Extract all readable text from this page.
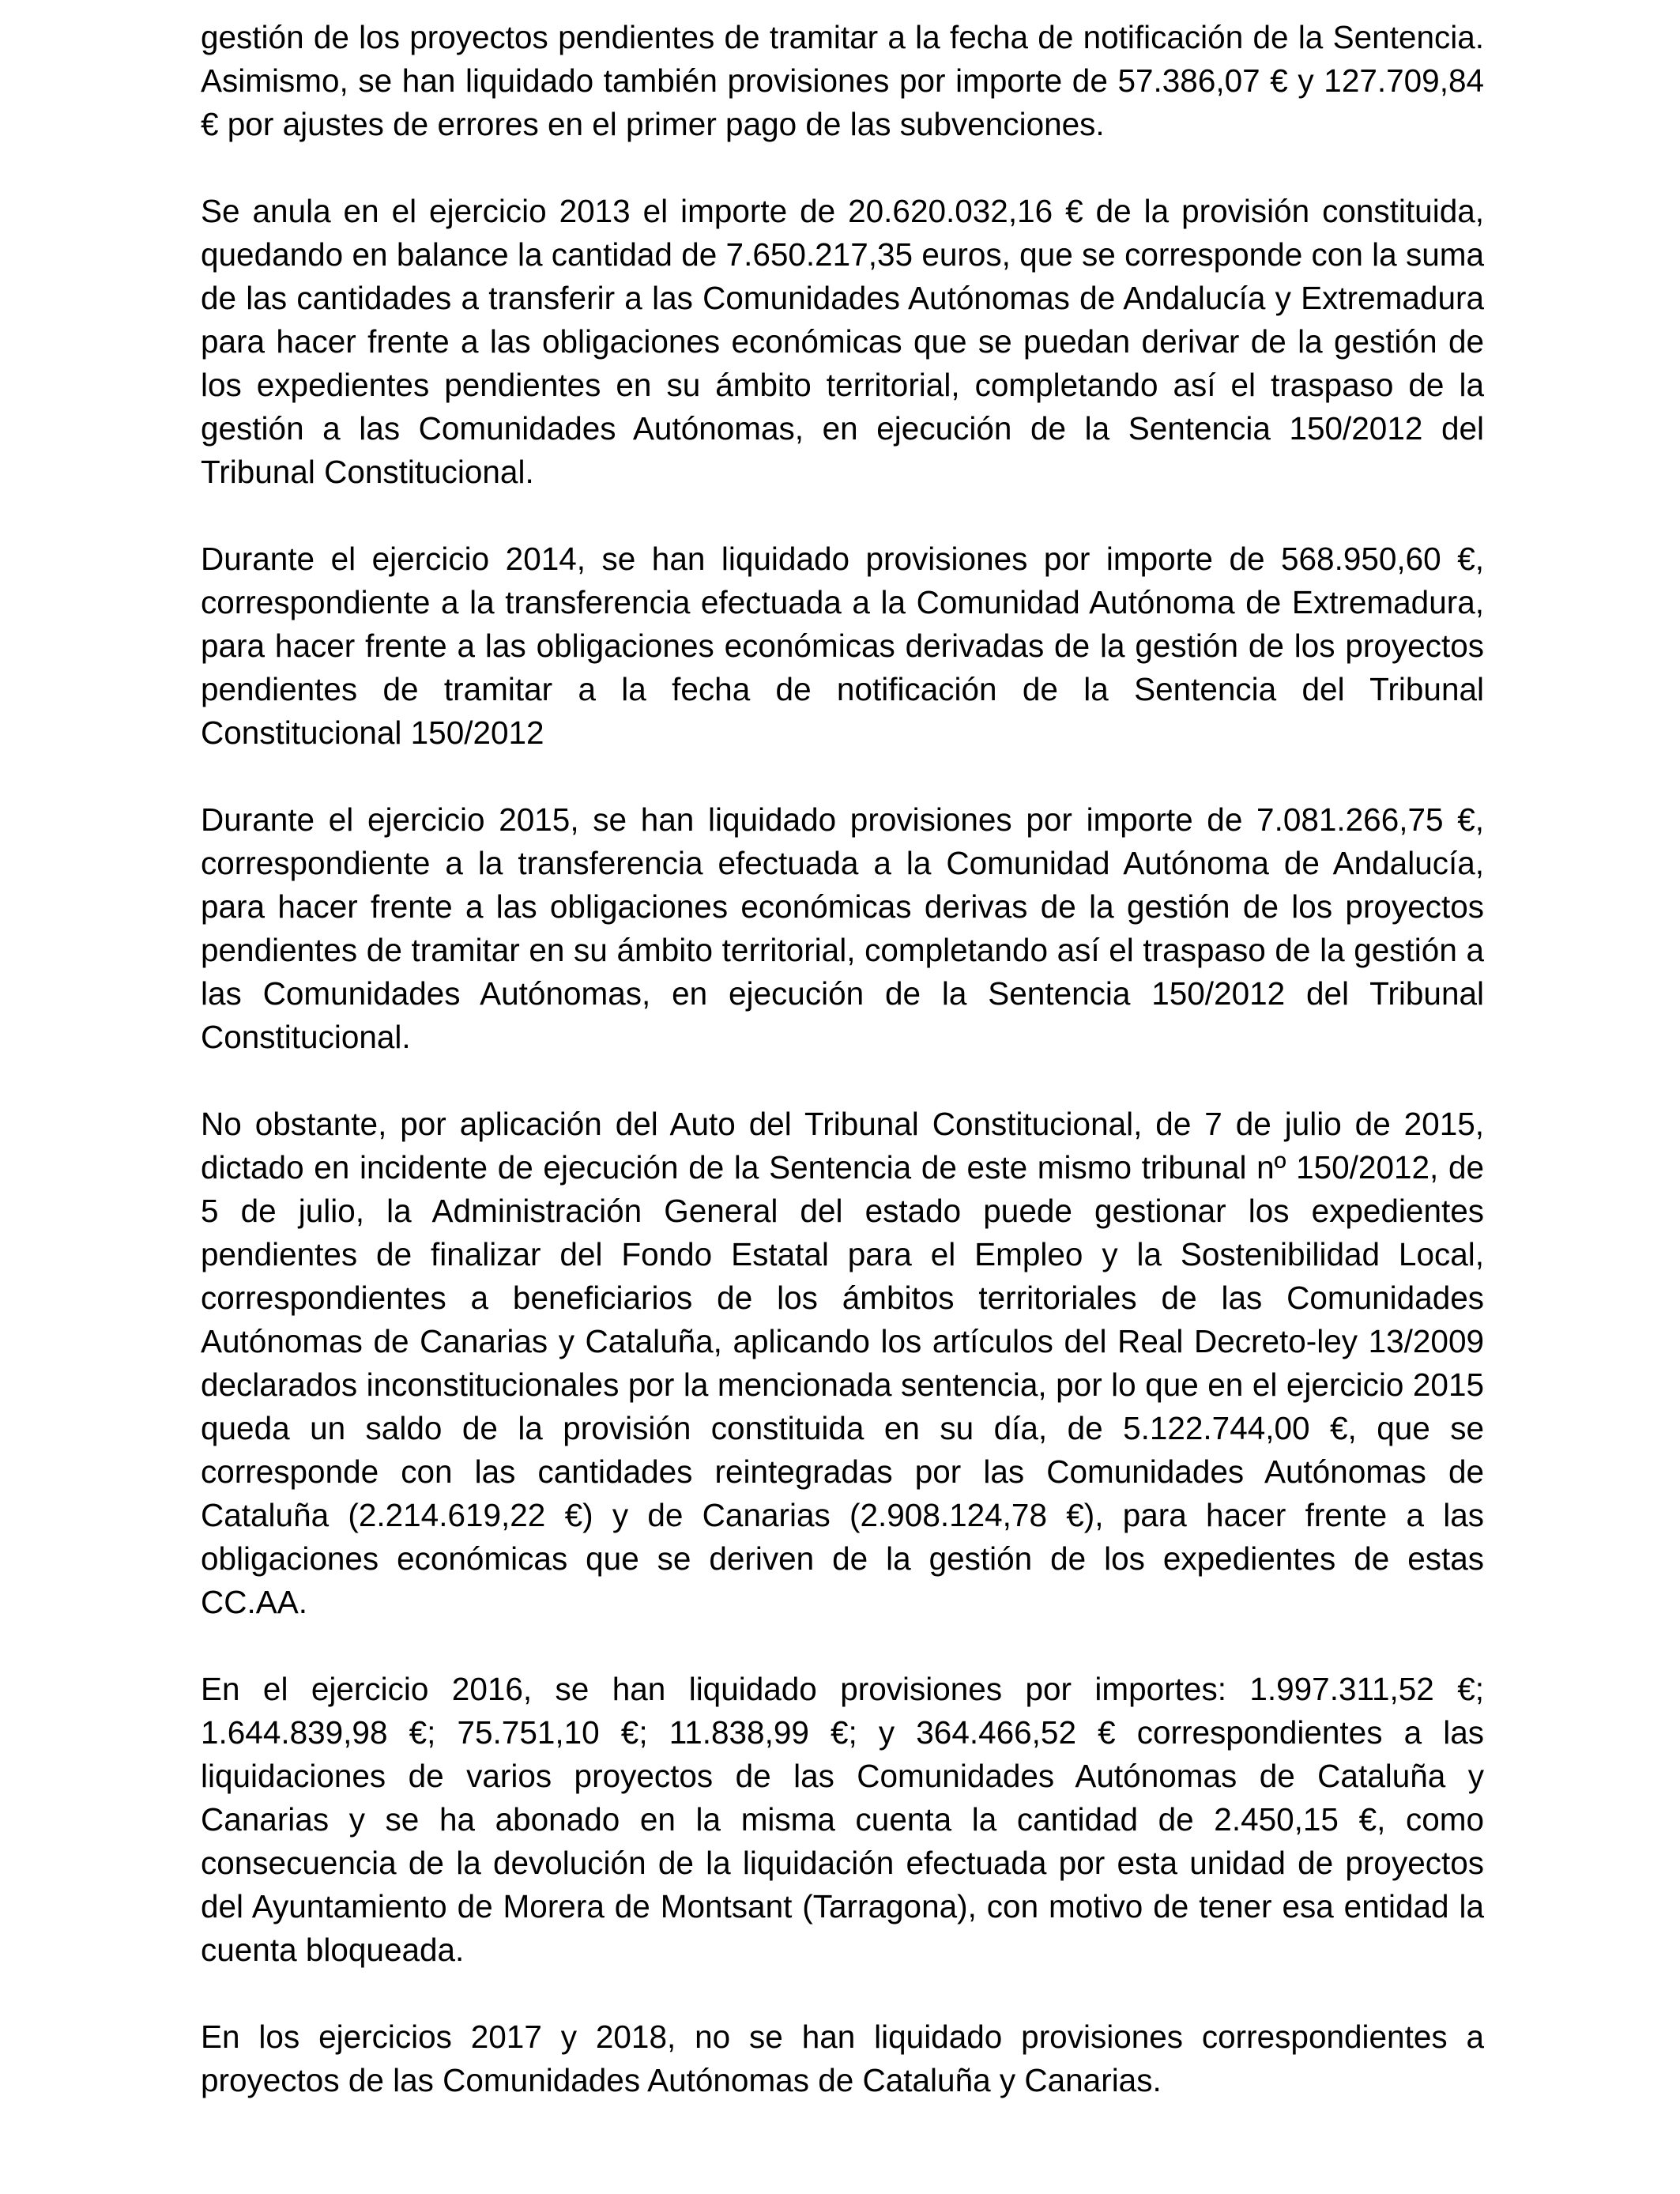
gestión de los proyectos pendientes de tramitar a la fecha de notificación de la Sentencia. Asimismo, se han liquidado también provisiones por importe de 57.386,07 € y 127.709,84 € por ajustes de errores en el primer pago de las subvenciones.

Se anula en el ejercicio 2013 el importe de 20.620.032,16 € de la provisión constituida, quedando en balance la cantidad de 7.650.217,35 euros, que se corresponde con la suma de las cantidades a transferir a las Comunidades Autónomas de Andalucía y Extremadura para hacer frente a las obligaciones económicas que se puedan derivar de la gestión de los expedientes pendientes en su ámbito territorial, completando así el traspaso de la gestión a las Comunidades Autónomas, en ejecución de la Sentencia 150/2012 del Tribunal Constitucional.

Durante el ejercicio 2014, se han liquidado provisiones por importe de 568.950,60 €, correspondiente a la transferencia efectuada a la Comunidad Autónoma de Extremadura, para hacer frente a las obligaciones económicas derivadas de la gestión de los proyectos pendientes de tramitar a la fecha de notificación de la Sentencia del Tribunal Constitucional 150/2012

Durante el ejercicio 2015, se han liquidado provisiones por importe de 7.081.266,75 €, correspondiente a la transferencia efectuada a la Comunidad Autónoma de Andalucía, para hacer frente a las obligaciones económicas derivas de la gestión de los proyectos pendientes de tramitar en su ámbito territorial, completando así el traspaso de la gestión a las Comunidades Autónomas, en ejecución de la Sentencia 150/2012 del Tribunal Constitucional.

No obstante, por aplicación del Auto del Tribunal Constitucional, de 7 de julio de 2015, dictado en incidente de ejecución de la Sentencia de este mismo tribunal nº 150/2012, de 5 de julio, la Administración General del estado puede gestionar los expedientes pendientes de finalizar del Fondo Estatal para el Empleo y la Sostenibilidad Local, correspondientes a beneficiarios de los ámbitos territoriales de las Comunidades Autónomas de Canarias y Cataluña, aplicando los artículos del Real Decreto-ley 13/2009 declarados inconstitucionales por la mencionada sentencia, por lo que en el ejercicio 2015 queda un saldo de la provisión constituida en su día, de 5.122.744,00 €, que se corresponde con las cantidades reintegradas por las Comunidades Autónomas de Cataluña (2.214.619,22 €) y de Canarias (2.908.124,78 €), para hacer frente a las obligaciones económicas que se deriven de la gestión de los expedientes de estas CC.AA.

En el ejercicio 2016, se han liquidado provisiones por importes: 1.997.311,52 €; 1.644.839,98 €; 75.751,10 €; 11.838,99 €; y 364.466,52 € correspondientes a las liquidaciones de varios proyectos de las Comunidades Autónomas de Cataluña y Canarias y se ha abonado en la misma cuenta la cantidad de 2.450,15 €, como consecuencia de la devolución de la liquidación efectuada por esta unidad de proyectos del Ayuntamiento de Morera de Montsant (Tarragona), con motivo de tener esa entidad la cuenta bloqueada.

En los ejercicios 2017 y 2018, no se han liquidado provisiones correspondientes a proyectos de las Comunidades Autónomas de Cataluña y Canarias.
